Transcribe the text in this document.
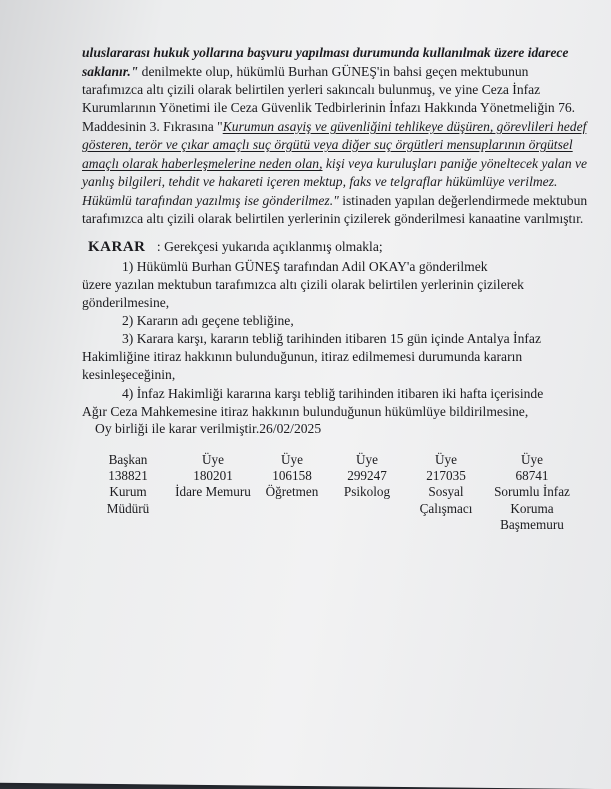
uluslararası hukuk yollarına başvuru yapılması durumunda kullanılmak üzere idarece
saklanır." denilmekte olup, hükümlü Burhan GÜNEŞ'in bahsi geçen mektubunun
tarafımızca altı çizili olarak belirtilen yerleri sakıncalı bulunmuş, ve yine Ceza İnfaz
Kurumlarının Yönetimi ile Ceza Güvenlik Tedbirlerinin İnfazı Hakkında Yönetmeliğin 76.
Maddesinin 3. Fıkrasına "Kurumun asayiş ve güvenliğini tehlikeye düşüren, görevlileri hedef
gösteren, terör ve çıkar amaçlı suç örgütü veya diğer suç örgütleri mensuplarının örgütsel
amaçlı olarak haberleşmelerine neden olan, kişi veya kuruluşları paniğe yöneltecek yalan ve
yanlış bilgileri, tehdit ve hakareti içeren mektup, faks ve telgraflar hükümlüye verilmez.
Hükümlü tarafından yazılmış ise gönderilmez." istinaden yapılan değerlendirmede mektubun
tarafımızca altı çizili olarak belirtilen yerlerinin çizilerek gönderilmesi kanaatine varılmıştır.
KARAR : Gerekçesi yukarıda açıklanmış olmakla;
1) Hükümlü Burhan GÜNEŞ tarafından Adil OKAY'a gönderilmek
üzere yazılan mektubun tarafımızca altı çizili olarak belirtilen yerlerinin çizilerek
gönderilmesine,
2) Kararın adı geçene tebliğine,
3) Karara karşı, kararın tebliğ tarihinden itibaren 15 gün içinde Antalya İnfaz
Hakimliğine itiraz hakkının bulunduğunun, itiraz edilmemesi durumunda kararın
kesinleşeceğinin,
4) İnfaz Hakimliği kararına karşı tebliğ tarihinden itibaren iki hafta içerisinde
Ağır Ceza Mahkemesine itiraz hakkının bulunduğunun hükümlüye bildirilmesine,
Oy birliği ile karar verilmiştir.26/02/2025
Başkan
138821
Kurum
Müdürü
Üye
180201
İdare Memuru
Üye
106158
Öğretmen
Üye
299247
Psikolog
Üye
217035
Sosyal
Çalışmacı
Üye
68741
Sorumlu İnfaz
Koruma
Başmemuru
